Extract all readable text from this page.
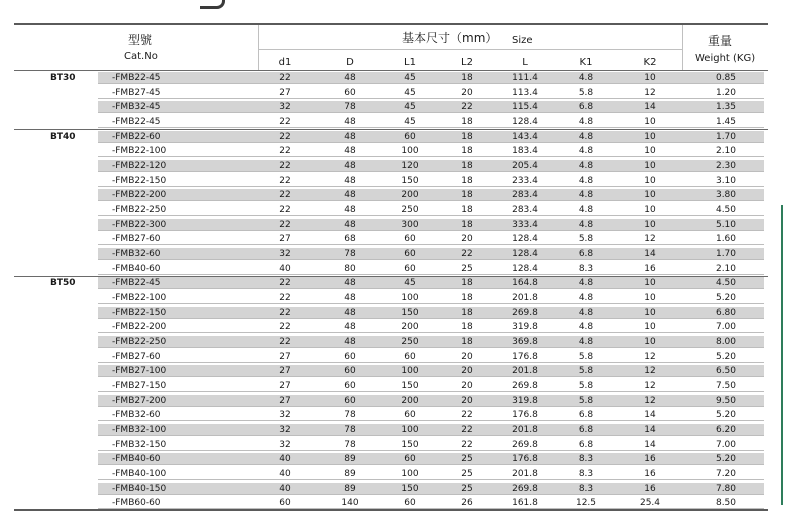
型號
Cat.No
基本尺寸（mm） Size	重量
Weight (KG)
d1	D	L1	L2	L	K1	K2
BT30	-FMB22-45	22	48	45	18	111.4	4.8	10	0.85
-FMB27-45	27	60	45	20	113.4	5.8	12	1.20
-FMB32-45	32	78	45	22	115.4	6.8	14	1.35
-FMB22-45	22	48	45	18	128.4	4.8	10	1.45
BT40	-FMB22-60	22	48	60	18	143.4	4.8	10	1.70
-FMB22-100	22	48	100	18	183.4	4.8	10	2.10
-FMB22-120	22	48	120	18	205.4	4.8	10	2.30
-FMB22-150	22	48	150	18	233.4	4.8	10	3.10
-FMB22-200	22	48	200	18	283.4	4.8	10	3.80
-FMB22-250	22	48	250	18	283.4	4.8	10	4.50
-FMB22-300	22	48	300	18	333.4	4.8	10	5.10
-FMB27-60	27	68	60	20	128.4	5.8	12	1.60
-FMB32-60	32	78	60	22	128.4	6.8	14	1.70
-FMB40-60	40	80	60	25	128.4	8.3	16	2.10
BT50	-FMB22-45	22	48	45	18	164.8	4.8	10	4.50
-FMB22-100	22	48	100	18	201.8	4.8	10	5.20
-FMB22-150	22	48	150	18	269.8	4.8	10	6.80
-FMB22-200	22	48	200	18	319.8	4.8	10	7.00
-FMB22-250	22	48	250	18	369.8	4.8	10	8.00
-FMB27-60	27	60	60	20	176.8	5.8	12	5.20
-FMB27-100	27	60	100	20	201.8	5.8	12	6.50
-FMB27-150	27	60	150	20	269.8	5.8	12	7.50
-FMB27-200	27	60	200	20	319.8	5.8	12	9.50
-FMB32-60	32	78	60	22	176.8	6.8	14	5.20
-FMB32-100	32	78	100	22	201.8	6.8	14	6.20
-FMB32-150	32	78	150	22	269.8	6.8	14	7.00
-FMB40-60	40	89	60	25	176.8	8.3	16	5.20
-FMB40-100	40	89	100	25	201.8	8.3	16	7.20
-FMB40-150	40	89	150	25	269.8	8.3	16	7.80
-FMB60-60	60	140	60	26	161.8	12.5	25.4	8.50
